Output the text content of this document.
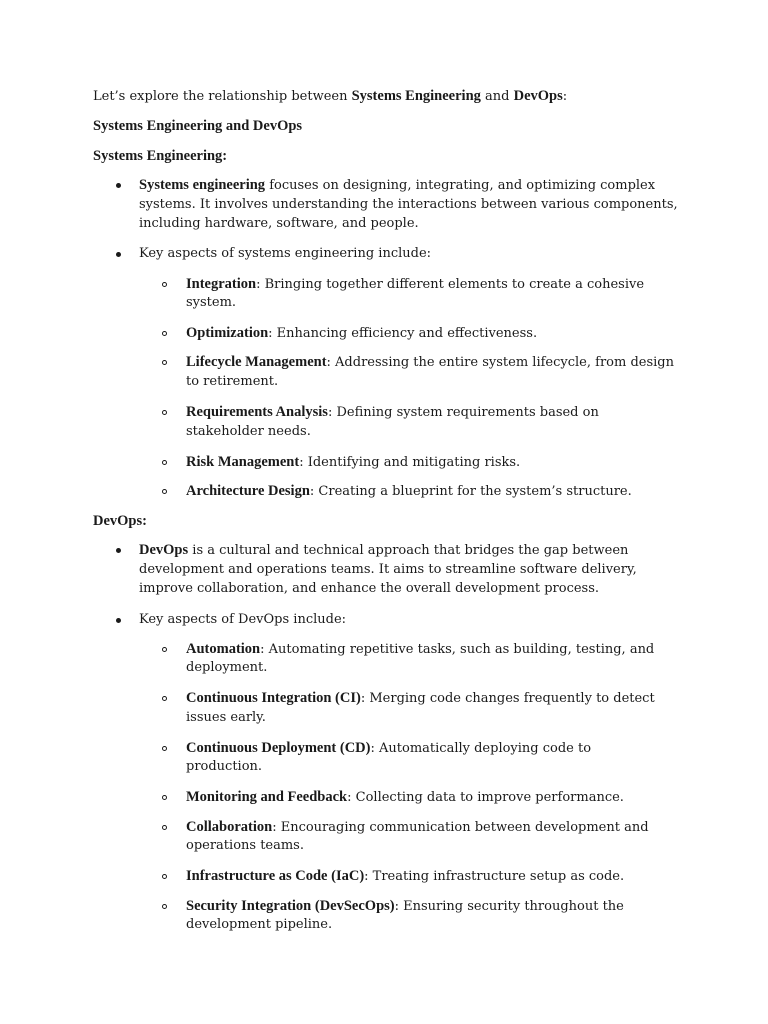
Let’s explore the relationship between Systems Engineering and DevOps:
Systems Engineering and DevOps
Systems Engineering:
Systems engineering focuses on designing, integrating, and optimizing complex
systems. It involves understanding the interactions between various components,
including hardware, software, and people.
Key aspects of systems engineering include:
Integration: Bringing together different elements to create a cohesive
system.
Optimization: Enhancing efficiency and effectiveness.
Lifecycle Management: Addressing the entire system lifecycle, from design
to retirement.
Requirements Analysis: Defining system requirements based on
stakeholder needs.
Risk Management: Identifying and mitigating risks.
Architecture Design: Creating a blueprint for the system’s structure.
DevOps:
DevOps is a cultural and technical approach that bridges the gap between
development and operations teams. It aims to streamline software delivery,
improve collaboration, and enhance the overall development process.
Key aspects of DevOps include:
Automation: Automating repetitive tasks, such as building, testing, and
deployment.
Continuous Integration (CI): Merging code changes frequently to detect
issues early.
Continuous Deployment (CD): Automatically deploying code to
production.
Monitoring and Feedback: Collecting data to improve performance.
Collaboration: Encouraging communication between development and
operations teams.
Infrastructure as Code (IaC): Treating infrastructure setup as code.
Security Integration (DevSecOps): Ensuring security throughout the
development pipeline.
